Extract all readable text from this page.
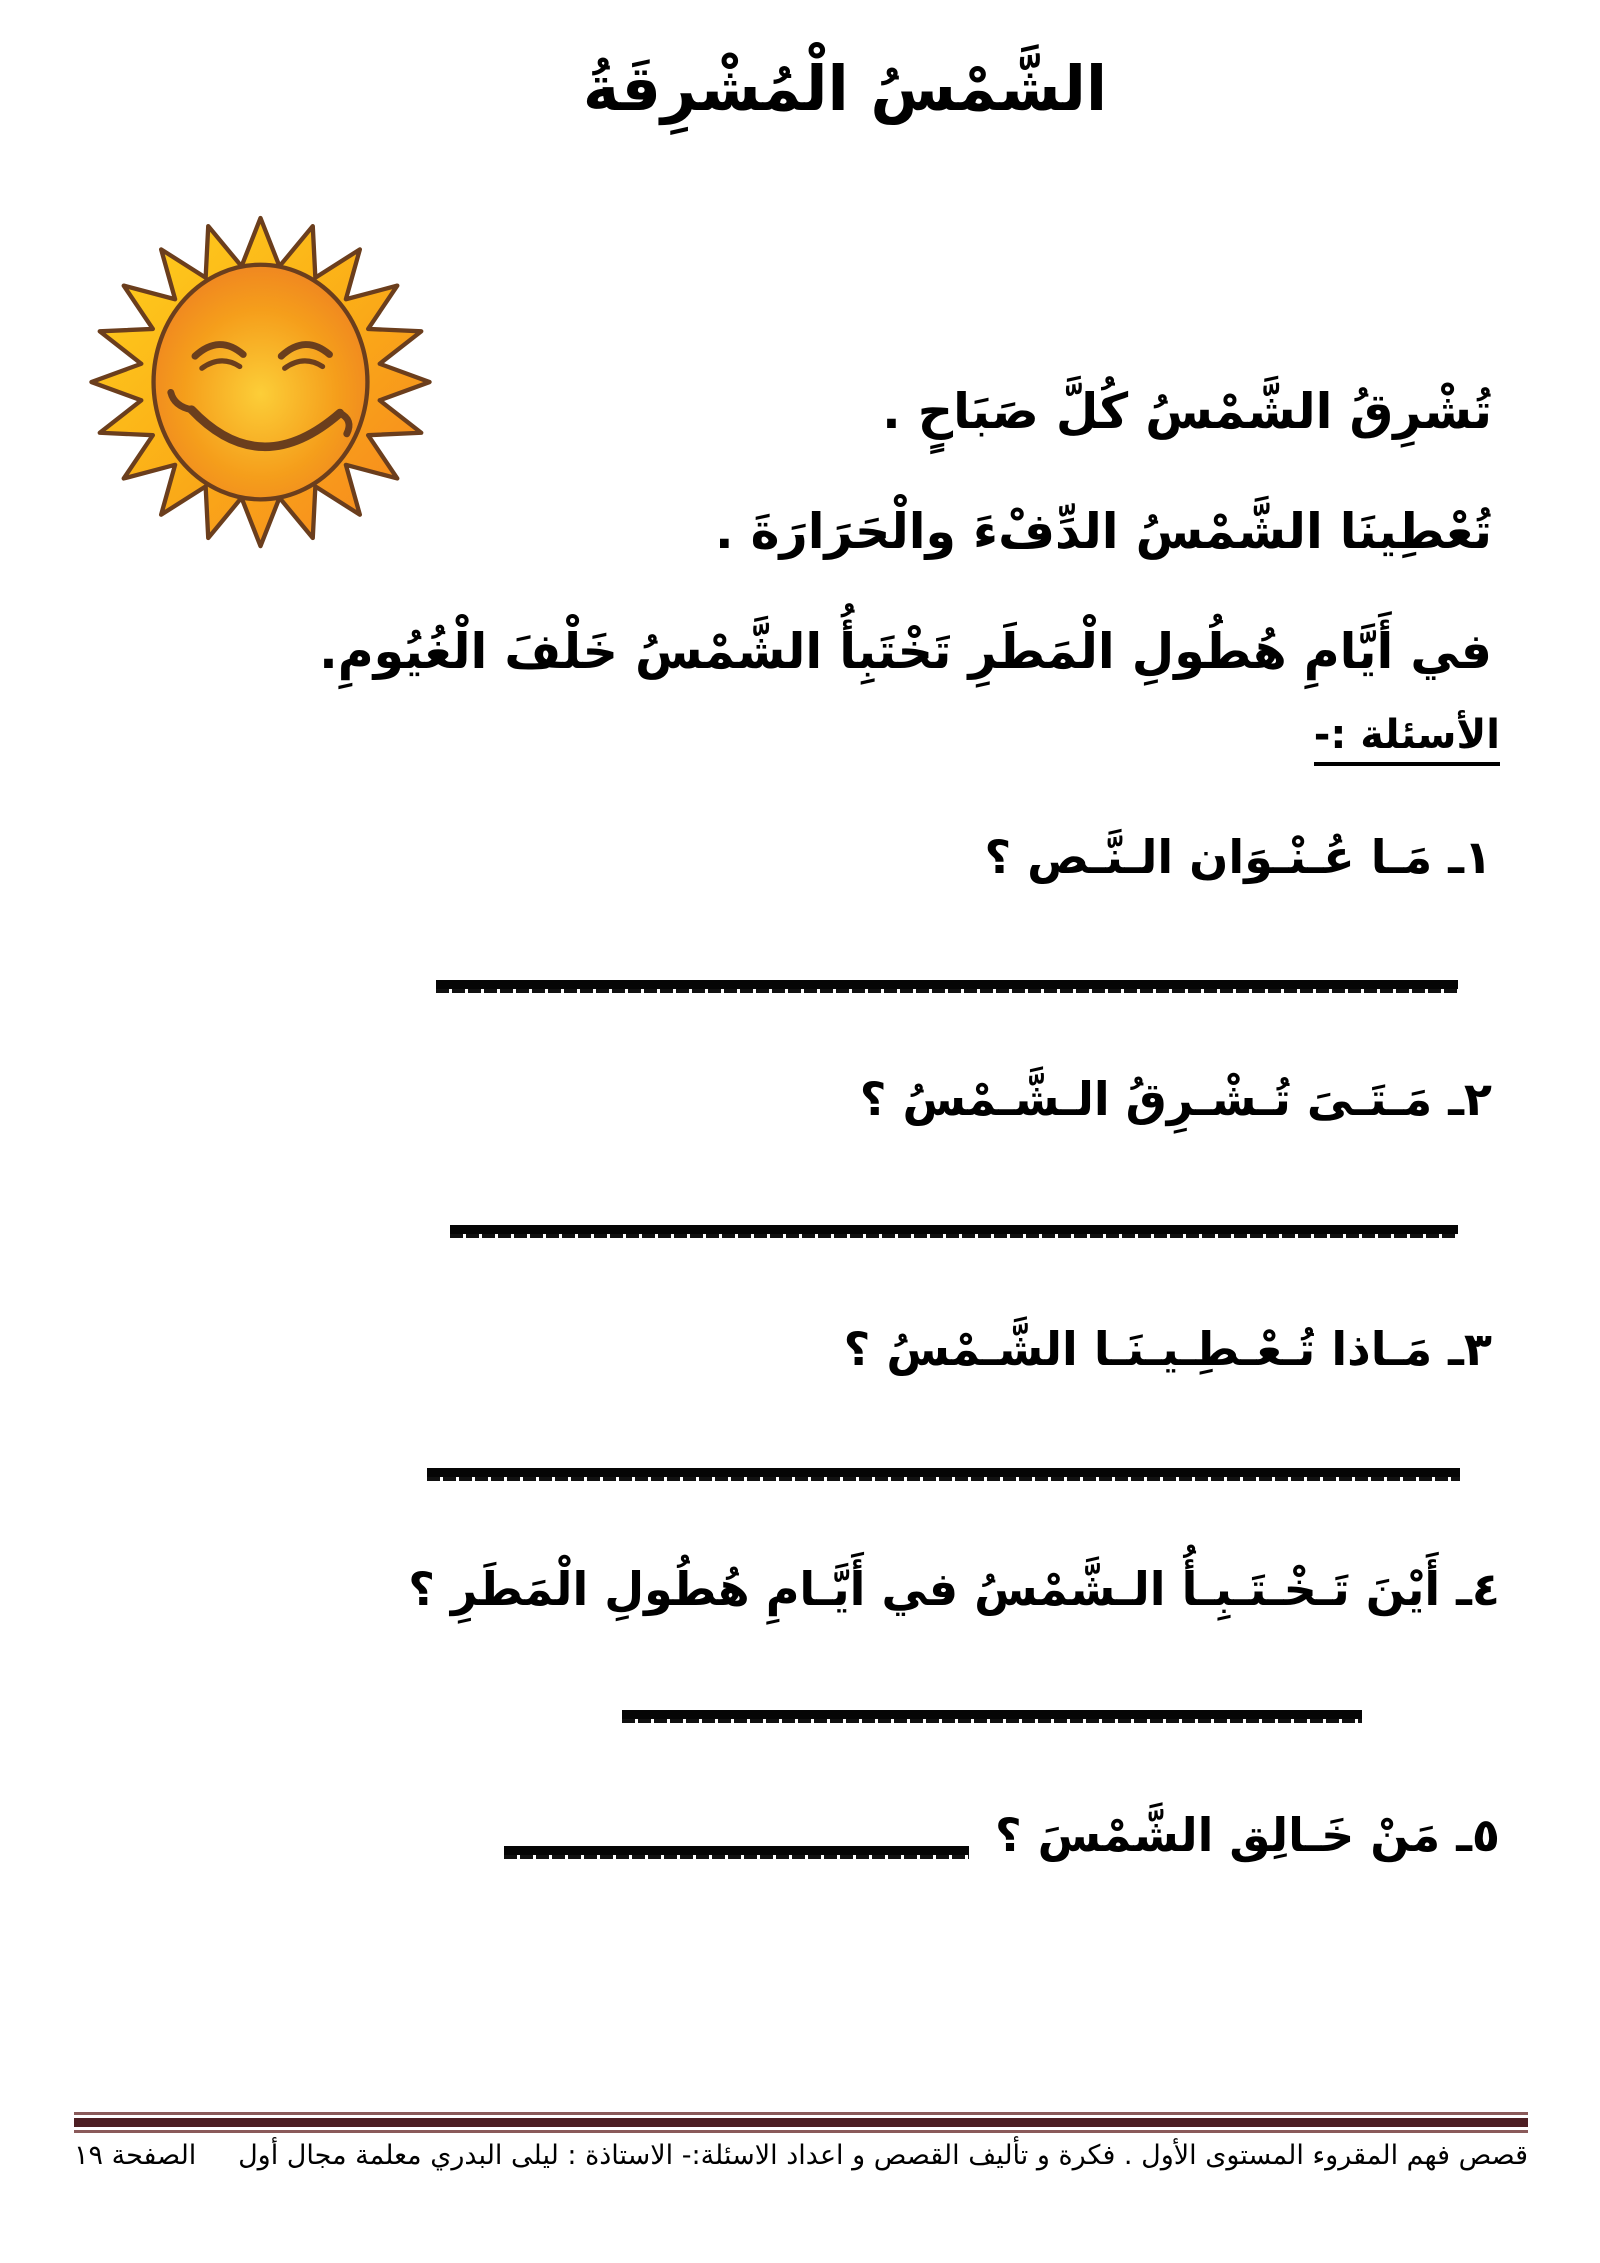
الشَّمْسُ الْمُشْرِقَةُ
تُشْرِقُ الشَّمْسُ كُلَّ صَبَاحٍ .
تُعْطِينَا الشَّمْسُ الدِّفْءَ والْحَرَارَةَ .
في أَيَّامِ هُطُولِ الْمَطَرِ تَخْتَبِأُ الشَّمْسُ خَلْفَ الْغُيُومِ.
الأسئلة :-
١ـ مَـا عُـنْـوَان الـنَّـص ؟
٢ـ مَـتَـىَ تُـشْـرِقُ الـشَّـمْسُ ؟
٣ـ مَـاذا تُـعْـطِـيـنَـا الشَّـمْسُ ؟
٤ـ أَيْنَ تَـخْـتَـبِـأُ الـشَّمْسُ في أَيَّـامِ هُطُولِ الْمَطَرِ ؟
٥ـ مَنْ خَـالِق الشَّمْسَ ؟
قصص فهم المقروء المستوى الأول . فكرة و تأليف القصص و اعداد الاسئلة:- الاستاذة : ليلى البدري معلمة مجال أول
الصفحة ١٩
